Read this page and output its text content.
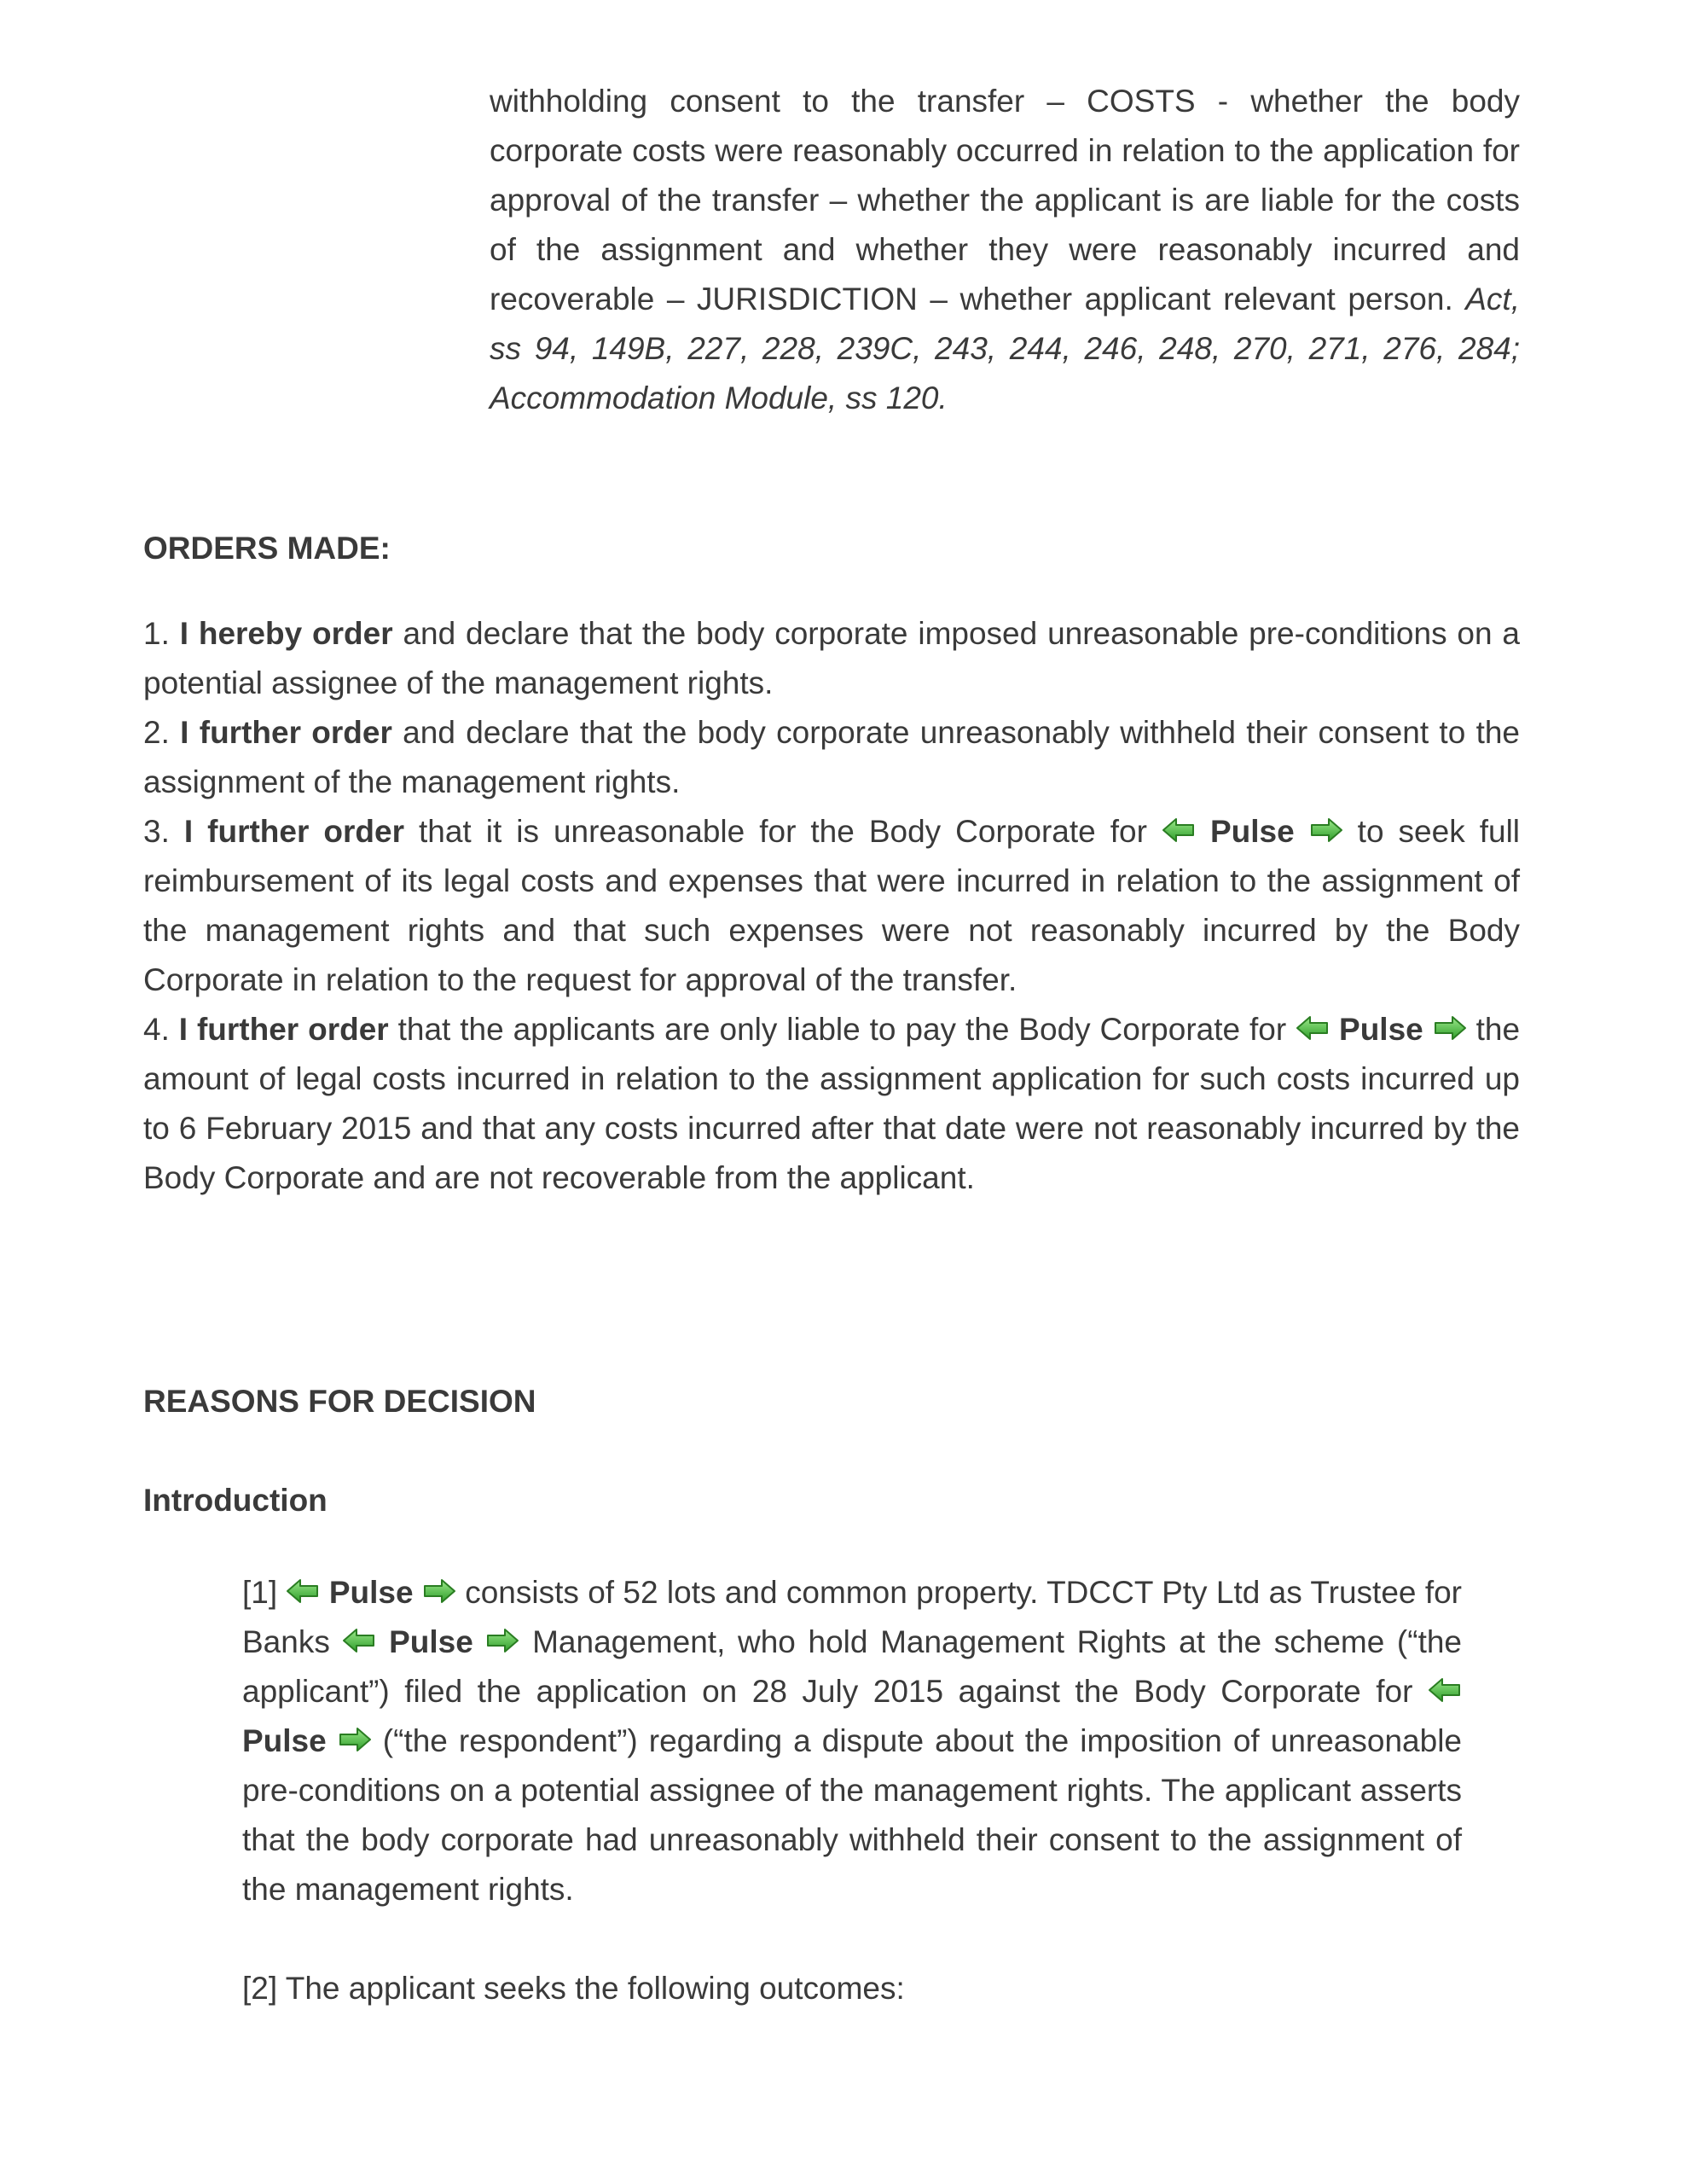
withholding consent to the transfer – COSTS - whether the body corporate costs were reasonably occurred in relation to the application for approval of the transfer – whether the applicant is are liable for the costs of the assignment and whether they were reasonably incurred and recoverable – JURISDICTION – whether applicant relevant person. Act, ss 94, 149B, 227, 228, 239C, 243, 244, 246, 248, 270, 271, 276, 284; Accommodation Module, ss 120.
ORDERS MADE:

1. I hereby order and declare that the body corporate imposed unreasonable pre-conditions on a potential assignee of the management rights.

2. I further order and declare that the body corporate unreasonably withheld their consent to the assignment of the management rights.

3. I further order that it is unreasonable for the Body Corporate for  Pulse  to seek full reimbursement of its legal costs and expenses that were incurred in relation to the assignment of the management rights and that such expenses were not reasonably incurred by the Body Corporate in relation to the request for approval of the transfer.

4. I further order that the applicants are only liable to pay the Body Corporate for  Pulse  the amount of legal costs incurred in relation to the assignment application for such costs incurred up to 6 February 2015 and that any costs incurred after that date were not reasonably incurred by the Body Corporate and are not recoverable from the applicant.

REASONS FOR DECISION
Introduction

[1]  Pulse  consists of 52 lots and common property. TDCCT Pty Ltd as Trustee for Banks  Pulse  Management, who hold Management Rights at the scheme (“the applicant”) filed the application on 28 July 2015 against the Body Corporate for  Pulse  (“the respondent”) regarding a dispute about the imposition of unreasonable pre-conditions on a potential assignee of the management rights. The applicant asserts that the body corporate had unreasonably withheld their consent to the assignment of the management rights.

[2] The applicant seeks the following outcomes:
